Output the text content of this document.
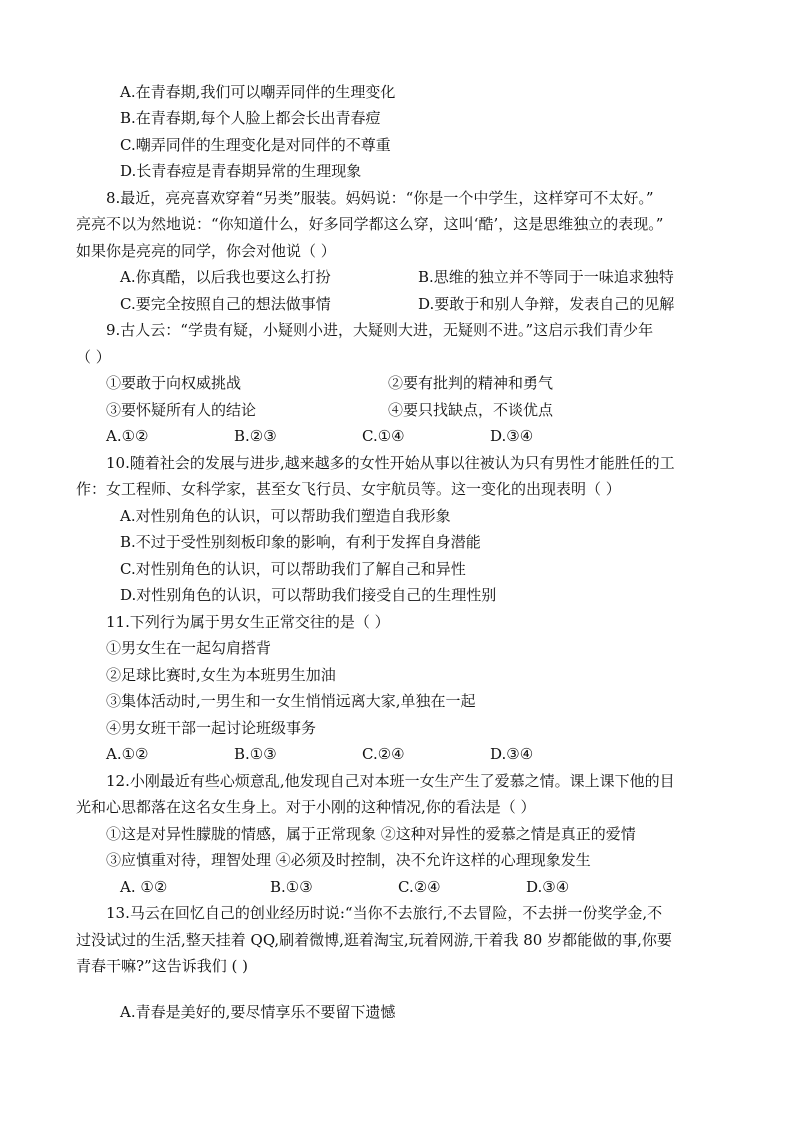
A.在青春期,我们可以嘲弄同伴的生理变化
B.在青春期,每个人脸上都会长出青春痘
C.嘲弄同伴的生理变化是对同伴的不尊重
D.长青春痘是青春期异常的生理现象
8.最近，亮亮喜欢穿着“另类”服装。妈妈说：“你是一个中学生，这样穿可不太好。”
亮亮不以为然地说：“你知道什么，好多同学都这么穿，这叫‘酷’，这是思维独立的表现。”
如果你是亮亮的同学，你会对他说（ ）
A.你真酷，以后我也要这么打扮	B.思维的独立并不等同于一味追求独特
C.要完全按照自己的想法做事情	D.要敢于和别人争辩，发表自己的见解
9.古人云：“学贵有疑，小疑则小进，大疑则大进，无疑则不进。”这启示我们青少年
（ ）
①要敢于向权威挑战	②要有批判的精神和勇气
③要怀疑所有人的结论	④要只找缺点，不谈优点
A.①②	B.②③	C.①④	D.③④
10.随着社会的发展与进步,越来越多的女性开始从事以往被认为只有男性才能胜任的工
作：女工程师、女科学家，甚至女飞行员、女宇航员等。这一变化的出现表明（ ）
A.对性别角色的认识，可以帮助我们塑造自我形象
B.不过于受性别刻板印象的影响，有利于发挥自身潜能
C.对性别角色的认识，可以帮助我们了解自己和异性
D.对性别角色的认识，可以帮助我们接受自己的生理性别
11.下列行为属于男女生正常交往的是（ ）
①男女生在一起勾肩搭背
②足球比赛时,女生为本班男生加油
③集体活动时,一男生和一女生悄悄远离大家,单独在一起
④男女班干部一起讨论班级事务
A.①②	B.①③	C.②④	D.③④
12.小刚最近有些心烦意乱,他发现自己对本班一女生产生了爱慕之情。课上课下他的目
光和心思都落在这名女生身上。对于小刚的这种情况,你的看法是（ ）
①这是对异性朦胧的情感，属于正常现象 ②这种对异性的爱慕之情是真正的爱情
③应慎重对待，理智处理 ④必须及时控制，决不允许这样的心理现象发生
A. ①②	B.①③	C.②④	D.③④
13.马云在回忆自己的创业经历时说:“当你不去旅行,不去冒险，不去拼一份奖学金,不
过没试过的生活,整天挂着 QQ,刷着微博,逛着淘宝,玩着网游,干着我 80 岁都能做的事,你要
青春干嘛?”这告诉我们 ( )
A.青春是美好的,要尽情享乐不要留下遗憾
